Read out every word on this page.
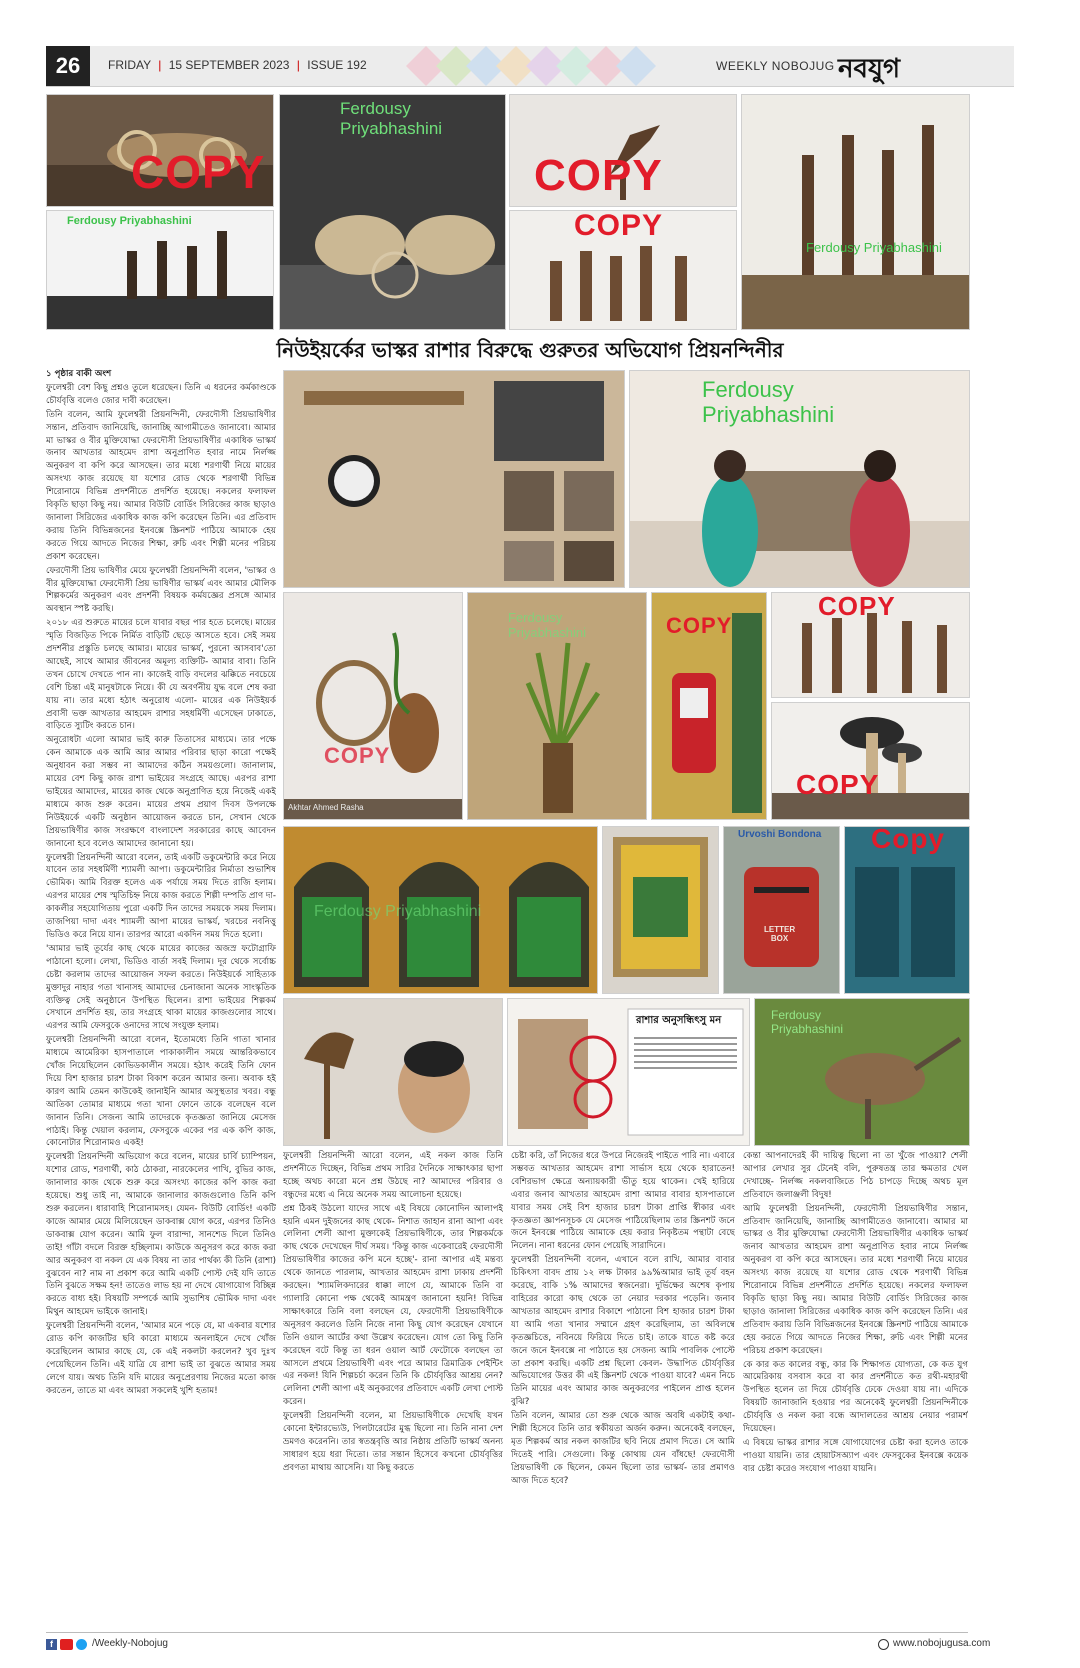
26 FRIDAY | 15 SEPTEMBER 2023 | ISSUE 192	WEEKLY NOBOJUG নবযুগ
COPY
Ferdousy Priyabhashini
Ferdousy
Priyabhashini
COPY
COPY
Ferdousy Priyabhashini
নিউইয়র্কের ভাস্কর রাশার বিরুদ্ধে গুরুতর অভিযোগ প্রিয়নন্দিনীর
Ferdousy
Priyabhashini
COPY
Akhtar Ahmed Rasha
Ferdousy
Priyabhashini	COPY
COPY
COPY
Ferdousy Priyabhashini
Urvoshi Bondona
LETTER
BOX
Copy
রাশার অনুসন্ধিৎসু মন	Ferdousy
Priyabhashini

১ পৃষ্ঠার বাকী অংশ

ফুলেশ্বরী বেশ কিছু প্রশ্নও তুলে ধরেছেন। তিনি এ ধরনের কর্মকাণ্ডকে চৌর্যবৃত্তি বলেও জোর দাবী করেছেন।

তিনি বলেন, আমি ফুলেশ্বরী প্রিয়নন্দিনী, ফেরদৌসী প্রিয়ভাষিণীর সন্তান, প্রতিবাদ জানিয়েছি, জানাচ্ছি আগামীতেও জানাবো। আমার মা ভাস্কর ও বীর মুক্তিযোদ্ধা ফেরদৌসী প্রিয়ভাষিণীর একাধিক ভাস্কর্য জনাব আখতার আহমেদ রাশা অনুপ্রাণিত হবার নামে নির্লজ্জ অনুকরণ বা কপি করে আসছেন। তার মধ্যে শরণার্থী নিয়ে মায়ের অসংখ্য কাজ রয়েছে যা যশোর রোড থেকে শরণার্থী বিভিন্ন শিরোনামে বিভিন্ন প্রদর্শনীতে প্রদর্শিত হয়েছে। নকলের ফলাফল বিকৃতি ছাড়া কিছু নয়। আমার বিউটি বোর্ডিং সিরিজের কাজ ছাড়াও জানালা সিরিজের একাধিক কাজ কপি করেছেন তিনি। এর প্রতিবাদ করায় তিনি বিভিন্নজনের ইনবক্সে স্ক্রিনশট পাঠিয়ে আমাকে হেয় করতে গিয়ে আদতে নিজের শিক্ষা, রুচি এবং শিল্পী মনের পরিচয় প্রকাশ করেছেন।

ফেরদৌসী প্রিয় ভাষিণীর মেয়ে ফুলেশ্বরী প্রিয়নন্দিনী বলেন, 'ভাস্কর ও বীর মুক্তিযোদ্ধা ফেরদৌসী প্রিয় ভাষিণীর ভাস্কর্য এবং আমার মৌলিক শিল্পকর্মের অনুকরণ এবং প্রদর্শনী বিষয়ক কর্মযজ্ঞের প্রসঙ্গে আমার অবস্থান স্পষ্ট করছি।

২০১৮ এর শুরুতে মায়ের চলে যাবার বছর পার হতে চলেছে। মায়ের স্মৃতি বিজড়িত পিকে নির্মিত বাড়িটি ছেড়ে আসতে হবে। সেই সময় প্রদর্শনীর প্রস্তুতি চলছে আমার। মায়ের ভাস্কর্য, পুরনো আসবাব'তো আছেই, সাথে আমার জীবনের অমূল্য ব্যক্তিটি- আমার বাবা। তিনি তখন চোখে দেখতে পান না। কাজেই বাড়ি বদলের ঝক্কিতে নবচেয়ে বেশি চিন্তা এই মানুষটাকে নিয়ে। কী যে অবর্ণনীয় যুদ্ধ বলে শেষ করা যায় না। তার মধ্যে হঠাৎ অনুরোধ এলো- মায়ের এক নিউইয়র্ক প্রবাসী ভক্ত আখতার আহমেদ রাশার সহধর্মিণী এসেছেন ঢাকাতে, বাড়িতে স্যুটিং করতে চান।

অনুরোধটা এলো আমার ভাই কারু তিতাসের মাধ্যমে। তার পক্ষে কেন আমাকে এক আমি আর আমার পরিবার ছাড়া কারো পক্ষেই অনুধাবন করা সম্ভব না আমাদের কঠিন সময়গুলো। জানালাম, মায়ের বেশ কিছু কাজ রাশা ভাইয়ের সংগ্রহে আছে। এরপর রাশা ভাইয়ের আমাদের, মায়ের কাজ থেকে অনুপ্রাণিত হয়ে নিজেই একই মাধ্যমে কাজ শুরু করেন। মায়ের প্রথম প্রয়াণ দিবস উপলক্ষে নিউইয়র্কে একটি অনুষ্ঠান আয়োজন করতে চান, সেখান থেকে প্রিয়ভাষিণীর কাজ সংরক্ষণে বাংলাদেশ সরকারের কাছে আবেদন জানানো হবে বলেও আমাদের জানানো হয়।

ফুলেশ্বরী প্রিয়নন্দিনী আরো বলেন, তাই একটি ডকুমেন্টারি করে নিয়ে যাবেন তার সহধর্মিণী শ্যামলী আপা। ডকুমেন্টারির নির্মাতা শুভাশিষ ভৌমিক। আমি বিরক্ত হলেও এক পর্যায়ে সময় দিতে রাজি হলাম। এরপর মায়ের শেষ স্মৃতিচিহ্ন নিয়ে কাজ করতে শিল্পী দম্পতি প্রাণ দা- কাকলীর সহযোগিতায় পুরো একটি দিন তাদের সময়কে সময় দিলাম। তাজপিয়া দাদা এবং শ্যামলী আপা মায়ের ভাস্কর্য, খরচের নবনিত্তু ভিডিও করে নিয়ে যান। তারপর আরো একদিন সময় দিতে হলো।

'আমার ভাই তূর্যের কাছ থেকে মায়ের কাজের অজস্র ফটোগ্রাফি পাঠানো হলো। লেখা, ভিডিও বার্তা সবই দিলাম। দূর থেকে সর্বোচ্চ চেষ্টা করলাম তাদের আয়োজন সফল করতে। নিউইয়র্কে সাহিত্যক মুক্তাদুর নাহার গতা খানাসহ আমাদের চেনাজানা অনেক সাংস্কৃতিক ব্যক্তিত্ব সেই অনুষ্ঠানে উপস্থিত ছিলেন। রাশা ভাইয়ের শিল্পকর্ম সেখানে প্রদর্শিত হয়, তার সংগ্রহে থাকা মায়ের কাজগুলোর সাথে। এরপর আমি ফেসবুকে ওনাদের সাথে সংযুক্ত হলাম।

ফুলেশ্বরী প্রিয়নন্দিনী আরো বলেন, ইতোমধ্যে তিনি গাতা খানার মাধ্যমে আমেরিকা হাসপাতালে পাকাকালীন সময়ে আন্তরিকভাবে খোঁজ নিয়েছিলেন কোভিডকালীন সময়ে। হঠাৎ করেই তিনি ফোন দিয়ে বিশ হাজার চারশ টাকা বিকাশ করেন আমার জন্য। অবাক হই কারণ আমি তেমন কাউকেই জানাইনি আমার অসুস্থতার খবর। বন্ধু আতিকা তোমার মাধ্যমে গতা খানা ফোনে তাকে বলেছেন বলে জানান তিনি। সেজন্য আমি তাদেরকে কৃতজ্ঞতা জানিয়ে মেসেজ পাঠাই। কিন্তু খেয়াল করলাম, ফেসবুকে একের পর এক কপি কাজ, কোনোটার শিরোনামও একই!

ফুলেশ্বরী প্রিয়নন্দিনী অভিযোগ করে বলেন, মায়ের চাৰ্বি চ্যাম্পিয়ন, যশোর রোড, শরণার্থী, কাঠ ঠোকরা, নারকেলের পাখি, বুভির কাজ, জানালার কাজ থেকে শুরু করে অসংখ্য কাজের কপি কাজ করা হয়েছে। শুধু তাই না, আমাকে জানালার কাজগুলোও তিনি কপি শুরু করলেন। ধারাবাহি শিরোনামসহ। যেমন- বিউটি বোর্ডিং! একটি কাজে আমার মেয়ে মিলিয়েছেন ডাকবাক্স যোগ করে, এরপর তিনিও ডাকবাক্স যোগ করেন। আমি ফুল বারান্দা, সানশেড দিলে তিনিও তাই! গাঁটা বদলে বিরক্ত হচ্ছিলাম। কাউকে অনুসরণ করে কাজ করা আর অনুকরণ বা নকল যে এক বিষয় না তার পার্থক্য কী তিনি (রাশা) বুঝবেন না? নাম না প্রকাশ করে আমি একটি পোস্ট দেই যদি তাতে তিনি বুঝতে সক্ষম হন! তাতেও লাভ হয় না দেখে যোগাযোগ বিচ্ছিন্ন করতে বাধ্য হই। বিষয়টি সম্পর্কে আমি সুভাশিষ ভৌমিক দাদা এবং মিথুন আহমেদ ভাইকে জানাই।

ফুলেশ্বরী প্রিয়নন্দিনী বলেন, 'আমার মনে পড়ে যে, মা একবার যশোর রোড কপি কাজটির ছবি কারো মাধ্যমে অনলাইনে দেখে খোঁজ করেছিলেন আমার কাছে যে, কে এই নকলটা করলেন? খুব দুঃখ পেয়েছিলেন তিনি। এই যাত্রি যে রাশা ভাই তা বুঝতে আমার সময় লেগে যায়। অথচ তিনি যদি মায়ের অনুপ্রেরণায় নিজের মতো কাজ করতেন, তাতে মা এবং আমরা সকলেই খুশি হতাম!

ফুলেশ্বরী প্রিয়নন্দিনী আরো বলেন, এই নকল কাজ তিনি প্রদর্শনীতে দিচ্ছেন, বিভিন্ন প্রথম সারির দৈনিকে সাক্ষাৎকার ছাপা হচ্ছে অথচ কারো মনে প্রশ্ন উঠছে না? আমাদের পরিবার ও বন্ধুদের মধ্যে এ নিয়ে অনেক সময় আলোচনা হয়েছে।

প্রশ্ন ঠিকই উঠলো যাদের সাথে এই বিষয়ে কোনোদিন আলাপই হয়নি এমন দুইজনের কাছ থেকে- নিশাত জাহান রানা আপা এবং লেলিনা শেলী আপা মুক্তাকেই প্রিয়ভাষিণীকে, তার শিল্পকর্মকে কাছ থেকে দেখেছেন দীর্ঘ সময়। 'কিন্তু কাজ একেবারেই ফেরদৌসী প্রিয়ভাষিণীর কাজের কপি মনে হচ্ছে'- রানা আপার এই মন্তব্য থেকে জানতে পারলাম, আখতার আহমেদ রাশা ঢাকায় প্রদর্শনী করছেন। 'শ্যামলিকদারের ধাক্কা লাগে যে, আমাকে তিনি বা গ্যালারি কোনো পক্ষ থেকেই আমন্ত্রণ জানানো হয়নি! বিভিন্ন সাক্ষাৎকারে তিনি বলা বলছেন যে, ফেরদৌসী প্রিয়ভাষিণীকে অনুসরণ করলেও তিনি নিজে নানা কিছু যোগ করেছেন যেখানে তিনি ওয়াল আর্টের কথা উল্লেখ করেছেন। যোগ তো কিছু তিনি করেছেন বটে কিন্তু তা ধরন ওয়াল আর্ট ফেটোকে বলছেন তা আসলে প্রথমে প্রিয়ভাষিণী এবং পরে আমার ত্রিমাত্রিক পেইন্টিং এর নকল! যিনি শিল্পচর্চা করেন তিনি কি চৌর্যবৃত্তির আশ্রয় নেন? লেলিনা শেলী আপা এই অনুকরণের প্রতিবাদে একটি লেখা পোস্ট করেন।

ফুলেশ্বরী প্রিয়নন্দিনী বলেন, মা প্রিয়ভাষিণীকে দেখেছি যখন কোনো ইন্টারভ্যেউ, পিলটারেটের মুগ্ধ ছিলো না। তিনি নানা দেশ ভ্রমণও করেননি। তার স্বতন্ত্রবৃত্তি আর নিষ্ঠায় প্রতিটি ভাস্কর্য অনন্য সাধারণ হয়ে ধরা দিতো। তার সন্তান হিসেবে কখনো চৌর্যবৃত্তির প্রবণতা মাথায় আসেনি। যা কিছু করতে

চেষ্টা করি, তাঁ নিজের ধরে উপরে নিজেরই পাইতে পারি না। এবারে সম্ভবত আখতার আহমেদ রাশা সাৰ্ভাস হয়ে থেকে হারাতেন! বেশিরভাগ ক্ষেত্রে অন্যায়কারী ভীতু হয়ে থাকেন। খেই হারিয়ে এবার জনাব আখতার আহমেদ রাশা আমার বাবার হাসপাতালে যাবার সময় সেই বিশ হাজার চারশ টাকা প্রাপ্তি স্বীকার এবং কৃতজ্ঞতা জ্ঞাপনসূচক যে মেসেজ পাঠিয়েছিলাম তার স্ক্রিনশট জনে জনে ইনবক্সে পাঠিয়ে আমাকে হেয় করার নিকৃষ্টতম পন্থাটা বেছে নিলেন। নানা ধরনের ফোন পেয়েছি সারাদিনে।

ফুলেশ্বরী প্রিয়নন্দিনী বলেন, এখানে বলে রাখি, আমার বাবার চিকিৎসা বাবদ প্রায় ১২ লক্ষ টাকার ৯৯%আমার ভাই তূর্য বহন করেছে, বাকি ১% আমাদের স্বজনেরা। দুর্ভিক্ষের অশেষ কৃপায় বাহিরের কারো কাছ থেকে তা নেয়ার দরকার পড়েনি। জনাব আখতার আহমেদ রাশার বিকাশে পাঠানো বিশ হাজার চারশ টাকা যা আমি গতা খানার সম্মানে গ্রহণ করেছিলাম, তা অবিলম্বে কৃতজ্ঞচিত্তে, নবিনয়ে ফিরিয়ে দিতে চাই। তাকে যাতে কষ্ট করে জনে জনে ইনবক্সে না পাঠাতে হয় সেজন্য আমি পাবলিক পোস্টে তা প্রকাশ করছি। একটি প্রশ্ন ছিলো কেবল- উদ্ধাপিত চৌর্যবৃত্তির অভিযোগের উত্তর কী এই স্ক্রিনশট থেকে পাওয়া যাবে? এমন নিচে তিনি মায়ের এবং আমার কাজ অনুকরণের পাইলেন প্রাপ্ত হলেন বুঝি?

তিনি বলেন, আমার তো শুরু থেকে আজ অবধি একটাই কথা- শিল্পী হিসেবে তিনি তার স্বকীয়তা অর্জন করুন। অনেকেই বলছেন, মৃত শিল্পকর্ম আর নকল কাজটির ছবি নিয়ে প্রমাণ দিতে। সে আমি দিতেই পারি। সেগুলো। কিন্তু কোথায় যেন বাঁধছে! ফেরদৌসী প্রিয়ভাষিণী কে ছিলেন, কেমন ছিলো তার ভাস্কর্য- তার প্রমাণও আজ দিতে হবে?

কেন্তা আপনাদেরই কী দায়িত্ব ছিলো না তা খুঁজে পাওয়া? শেলী আপার লেখার সুর টেনেই বলি, পুরুষতন্ত্র তার ক্ষমতার খেল দেখাচ্ছে- নির্লজ্জ নকলবাজিতে পিঠ চাপড়ে দিচ্ছে অথচ মূল প্রতিবাদে জলাঞ্জলী বিদুষ!

আমি ফুলেশ্বরী প্রিয়নন্দিনী, ফেরদৌসী প্রিয়ভাষিণীর সন্তান, প্রতিবাদ জানিয়েছি, জানাচ্ছি আগামীতেও জানাবো। আমার মা ভাস্কর ও বীর মুক্তিযোদ্ধা ফেরদৌসী প্রিয়ভাষিণীর একাধিক ভাস্কর্য জনাব আখতার আহমেদ রাশা অনুপ্রাণিত হবার নামে নির্লজ্জ অনুকরণ বা কপি করে আসছেন। তার মধ্যে শরণার্থী নিয়ে মায়ের অসংখ্য কাজ রয়েছে যা যশোর রোড থেকে শরণার্থী বিভিন্ন শিরোনামে বিভিন্ন প্রদর্শনীতে প্রদর্শিত হয়েছে। নকলের ফলাফল বিকৃতি ছাড়া কিছু নয়। আমার বিউটি বোর্ডিং সিরিজের কাজ ছাড়াও জানালা সিরিজের একাধিক কাজ কপি করেছেন তিনি। এর প্রতিবাদ করায় তিনি বিভিন্নজনের ইনবক্সে স্ক্রিনশট পাঠিয়ে আমাকে হেয় করতে গিয়ে আদতে নিজের শিক্ষা, রুচি এবং শিল্পী মনের পরিচয় প্রকাশ করেছেন।

কে কার কত কালের বন্ধু, কার কি শিক্ষাগত যোগ্যতা, কে কত যুগ আমেরিকায় বসবাস করে বা কার প্রদর্শনীতে কত রথী-মহারথী উপস্থিত হলেন তা দিয়ে চৌর্যবৃত্তি ঢেকে দেওয়া যায় না। এদিকে বিষয়টি জানাজানি হওয়ার পর অনেকেই ফুলেশ্বরী প্রিয়নন্দিনীকে চৌর্যবৃত্তি ও নকল করা বন্ধে আদালতের আশ্রয় নেয়ার পরামর্শ দিয়েছেন।

এ বিষয়ে ভাস্কর রাশার সঙ্গে যোগাযোগের চেষ্টা করা হলেও তাকে পাওয়া যায়নি। তার হোয়াটসঅ্যাপ এবং ফেসবুকের ইনবক্সে কয়েক বার চেষ্টা করেও সংযোগ পাওয়া যায়নি।

f	/Weekly-Nobojug	www.nobojugusa.com
